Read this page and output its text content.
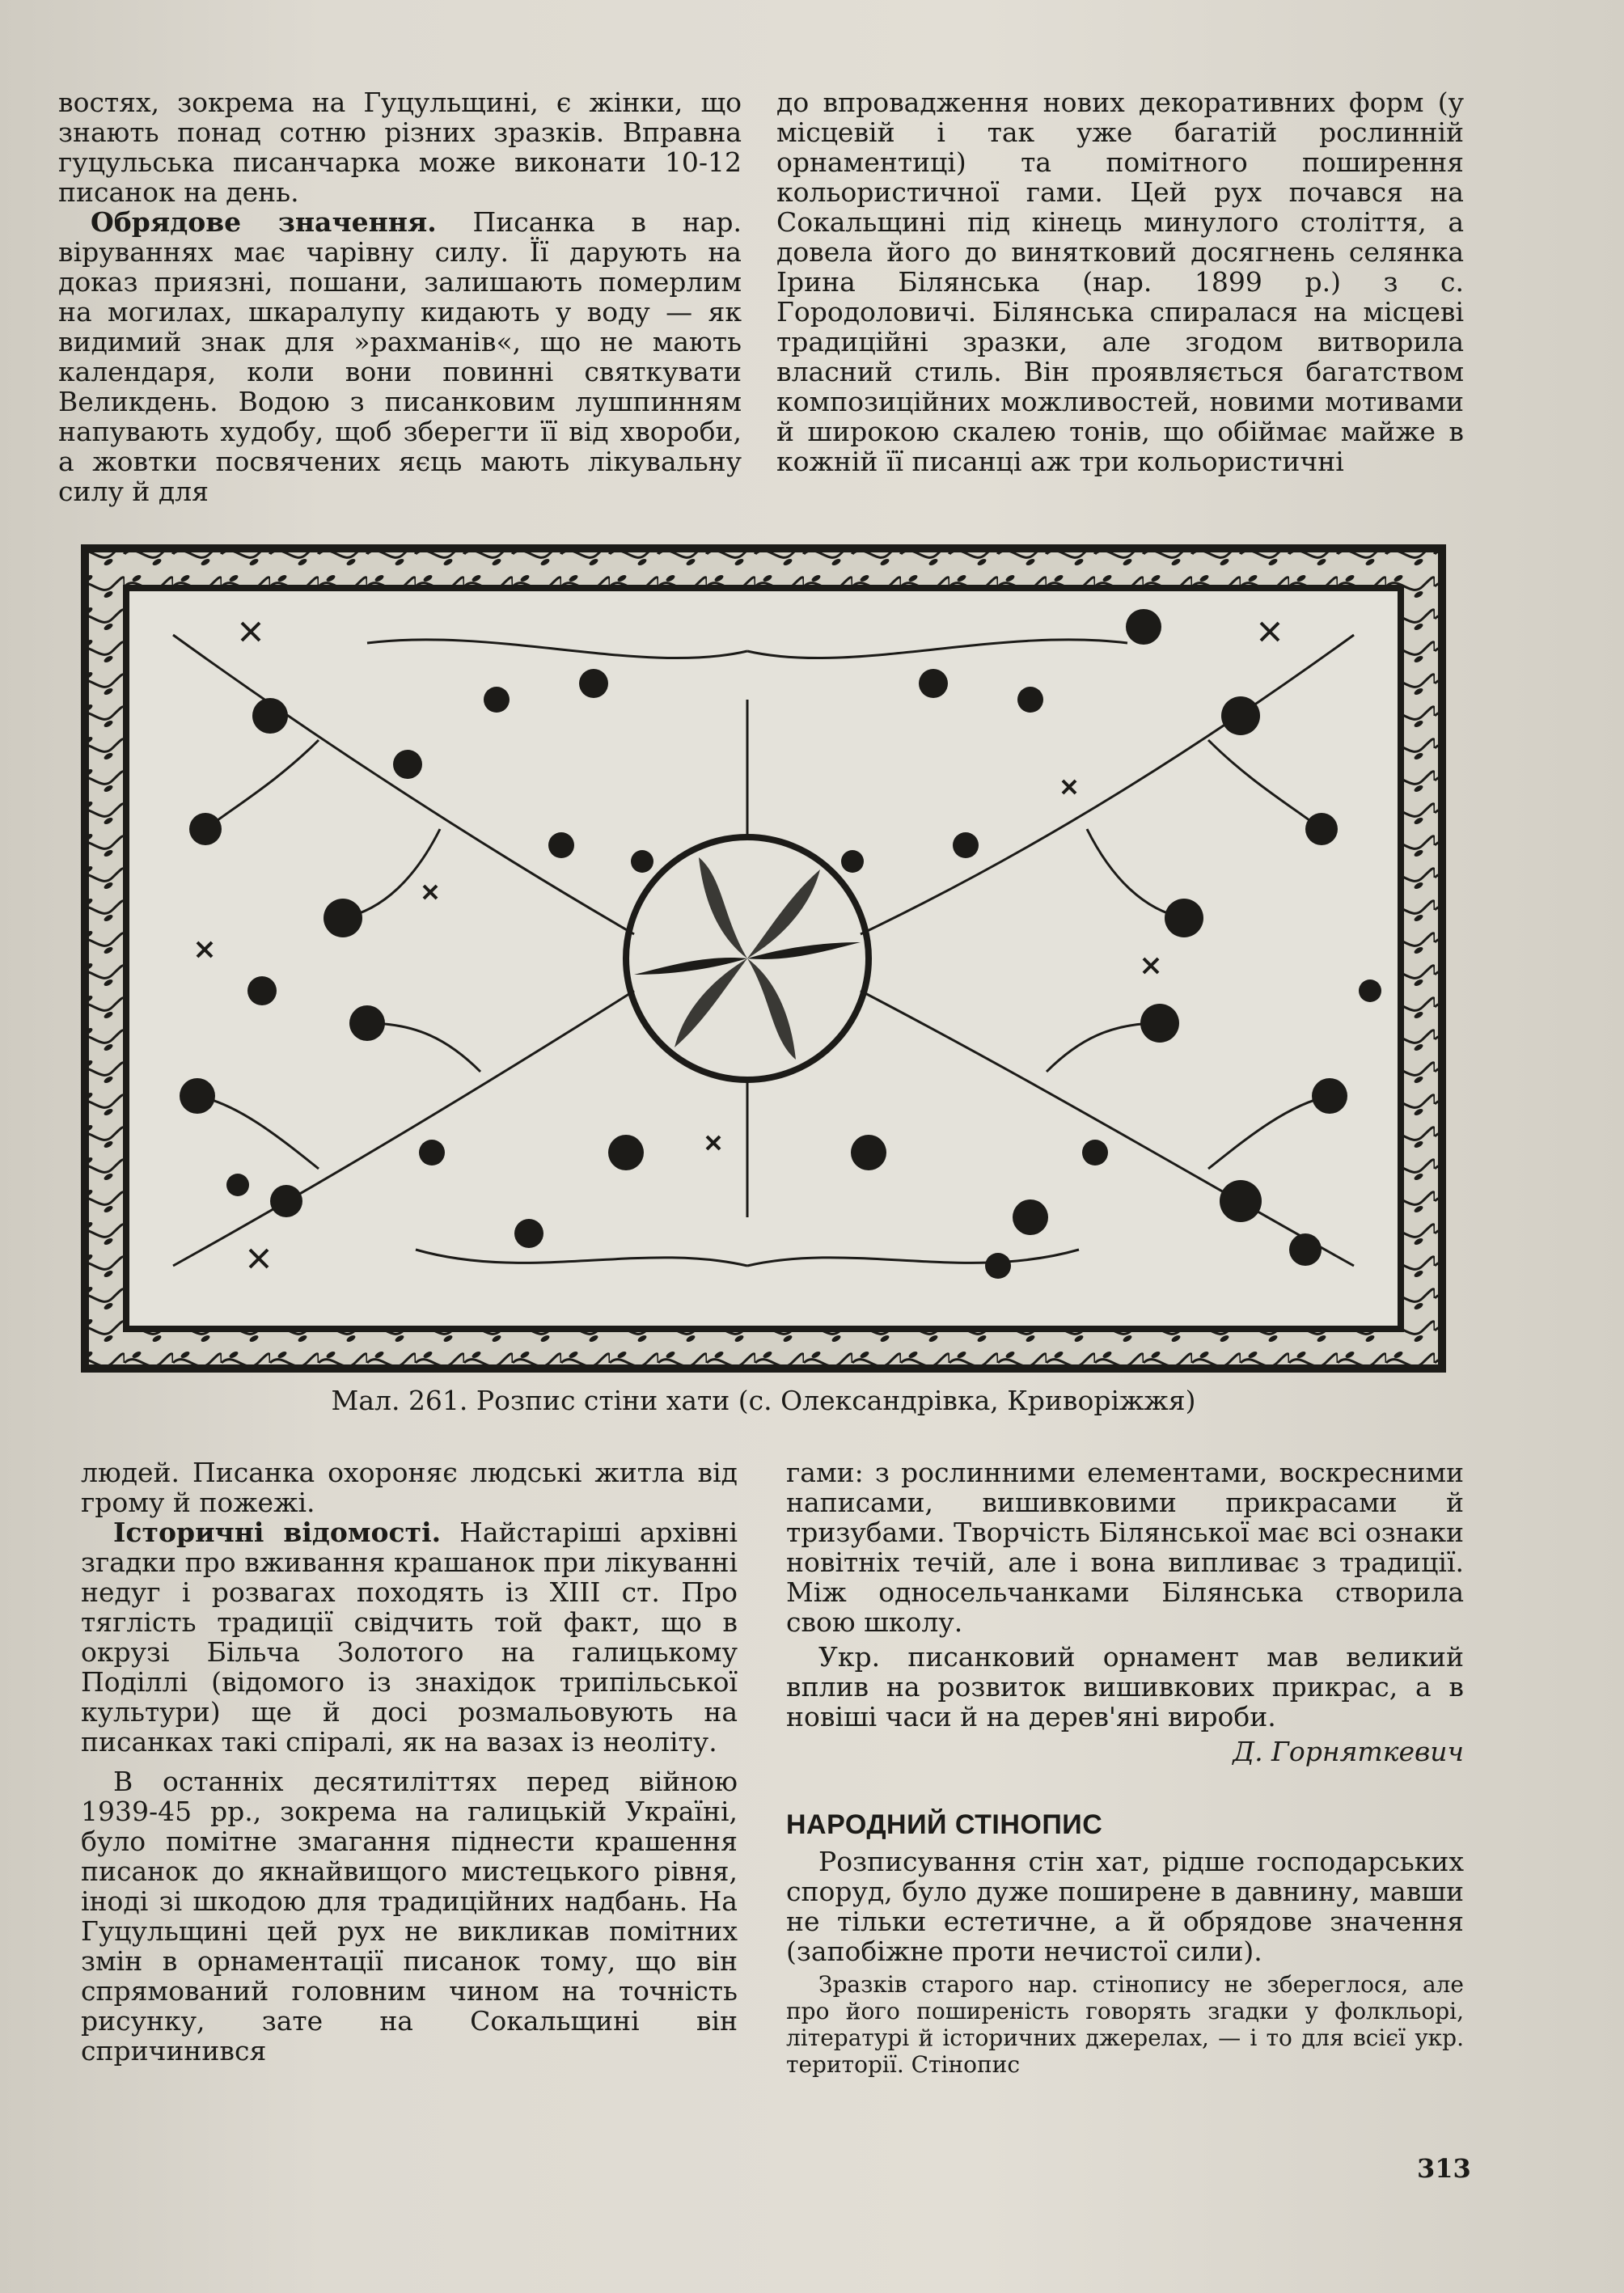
востях, зокрема на Гуцульщині, є жінки, що знають понад сотню різних зразків. Вправна гуцульська писанчарка може виконати 10-12 писанок на день.

Обрядове значення. Писанка в нар. віруваннях має чарівну силу. Її дарують на доказ приязні, пошани, залишають померлим на могилах, шкаралупу кидають у воду — як видимий знак для »рахманів«, що не мають календаря, коли вони повинні святкувати Великдень. Водою з писанковим лушпинням напувають худобу, щоб зберегти її від хвороби, а жовтки посвячених яєць мають лікувальну силу й для

до впровадження нових декоративних форм (у місцевій і так уже багатій рослинній орнаментиці) та помітного поширення кольористичної гами. Цей рух почався на Сокальщині під кінець минулого століття, а довела його до винятковий досягнень селянка Ірина Білянська (нар. 1899 р.) з с. Городоловичі. Білянська спиралася на місцеві традиційні зразки, але згодом витворила власний стиль. Він проявляється багатством композиційних можливостей, новими мотивами й широкою скалею тонів, що обіймає майже в кожній її писанці аж три кольористичні

Мал. 261. Розпис стіни хати (с. Олександрівка, Криворіжжя)

людей. Писанка охороняє людські житла від грому й пожежі.

Історичні відомості. Найстаріші архівні згадки про вживання крашанок при лікуванні недуг і розвагах походять із XIII ст. Про тяглість традиції свідчить той факт, що в окрузі Більча Золотого на галицькому Поділлі (відомого із знахідок трипільської культури) ще й досі розмальовують на писанках такі спіралі, як на вазах із неоліту.

В останніх десятиліттях перед війною 1939-45 рр., зокрема на галицькій Україні, було помітне змагання піднести крашення писанок до якнайвищого мистецького рівня, іноді зі шкодою для традиційних надбань. На Гуцульщині цей рух не викликав помітних змін в орнаментації писанок тому, що він спрямований головним чином на точність рисунку, зате на Сокальщині він спричинився

гами: з рослинними елементами, воскресними написами, вишивковими прикрасами й тризубами. Творчість Білянської має всі ознаки новітніх течій, але і вона випливає з традиції. Між односельчанками Білянська створила свою школу.

Укр. писанковий орнамент мав великий вплив на розвиток вишивкових прикрас, а в новіші часи й на дерев'яні вироби.

Д. Горняткевич
НАРОДНИЙ СТІНОПИС

Розписування стін хат, рідше господарських споруд, було дуже поширене в давнину, мавши не тільки естетичне, а й обрядове значення (запобіжне проти нечистої сили).

Зразків старого нар. стінопису не збереглося, але про його поширеність говорять згадки у фолкльорі, літературі й історичних джерелах, — і то для всієї укр. території. Стінопис

313
